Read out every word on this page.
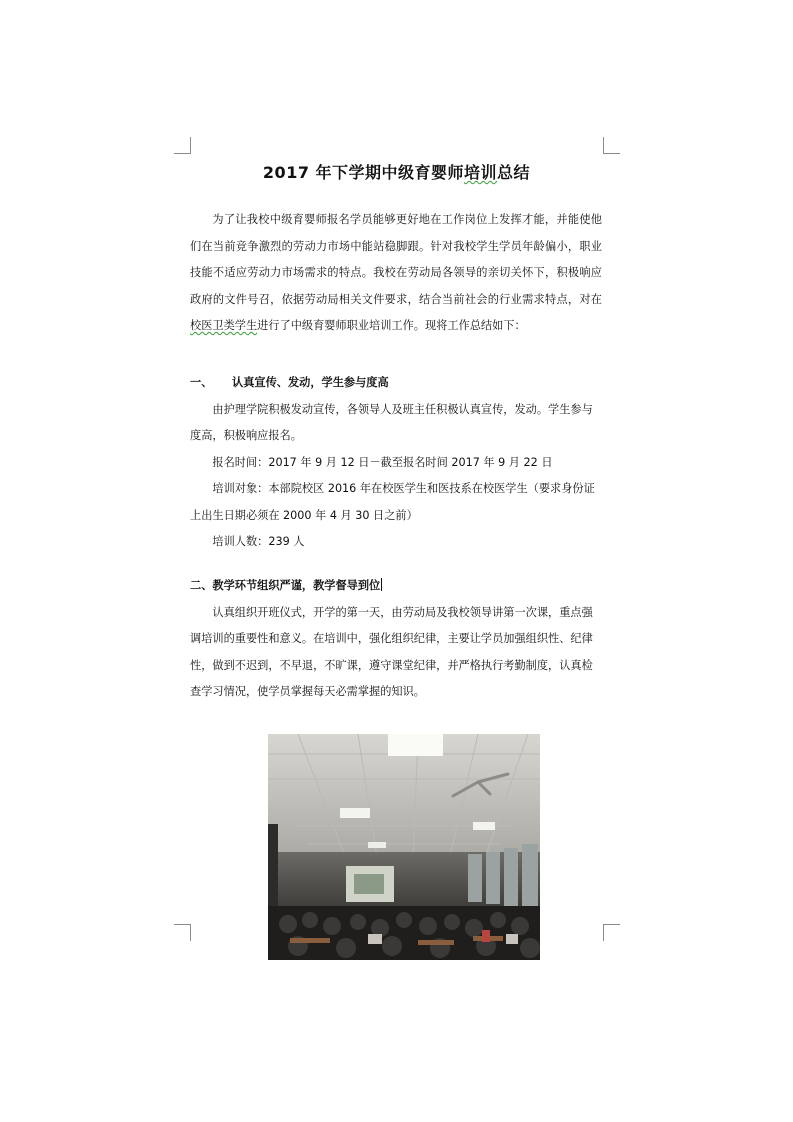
2017 年下学期中级育婴师培训总结

为了让我校中级育婴师报名学员能够更好地在工作岗位上发挥才能，并能使他们在当前竞争激烈的劳动力市场中能站稳脚跟。针对我校学生学员年龄偏小，职业技能不适应劳动力市场需求的特点。我校在劳动局各领导的亲切关怀下，积极响应政府的文件号召，依据劳动局相关文件要求，结合当前社会的行业需求特点，对在校医卫类学生进行了中级育婴师职业培训工作。现将工作总结如下：

一、 认真宣传、发动，学生参与度高

由护理学院积极发动宣传，各领导人及班主任积极认真宣传，发动。学生参与度高，积极响应报名。

报名时间：2017 年 9 月 12 日－截至报名时间 2017 年 9 月 22 日

培训对象：本部院校区 2016 年在校医学生和医技系在校医学生（要求身份证上出生日期必须在 2000 年 4 月 30 日之前）

培训人数：239 人

二、教学环节组织严谨，教学督导到位

认真组织开班仪式，开学的第一天，由劳动局及我校领导讲第一次课，重点强调培训的重要性和意义。在培训中，强化组织纪律，主要让学员加强组织性、纪律性，做到不迟到，不早退，不旷课，遵守课堂纪律，并严格执行考勤制度，认真检查学习情况，使学员掌握每天必需掌握的知识。
